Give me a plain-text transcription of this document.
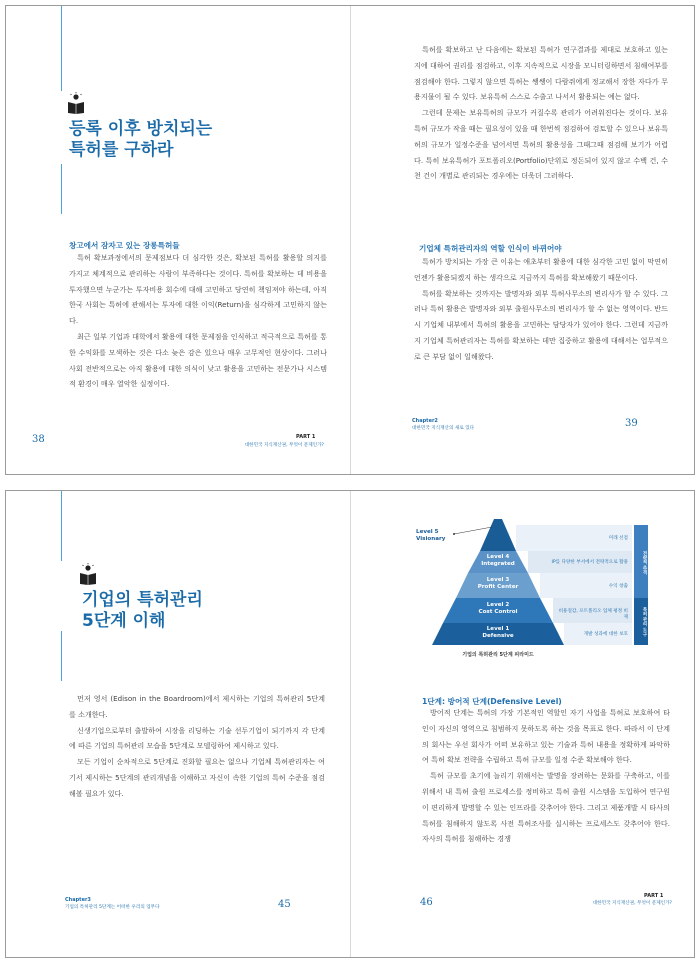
등록 이후 방치되는
특허를 구하라
창고에서 잠자고 있는 장롱특허들
특허 확보과정에서의 문제점보다 더 심각한 것은, 확보된 특허를 활용할 의지를 가지고 체계적으로 관리하는 사람이 부족하다는 것이다. 특허를 확보하는 데 비용을 투자했으면 누군가는 투자비용 회수에 대해 고민하고 당연히 책임져야 하는데, 아직 한국 사회는 특허에 관해서는 투자에 대한 이익(Return)을 심각하게 고민하지 않는다.
최근 일부 기업과 대학에서 활용에 대한 문제점을 인식하고 적극적으로 특허를 통한 수익화를 모색하는 것은 다소 늦은 감은 있으나 매우 고무적인 현상이다. 그러나 사회 전반적으로는 아직 활용에 대한 의식이 낮고 활용을 고민하는 전문가나 시스템적 환경이 매우 열악한 실정이다.
38	PART 1
대한민국 지식재산권, 무엇이 문제인가?
특허를 확보하고 난 다음에는 확보된 특허가 연구결과를 제대로 보호하고 있는지에 대하여 권리를 점검하고, 이후 지속적으로 시장을 모니터링하면서 침해여부를 점검해야 한다. 그렇지 않으면 특허는 쌩쌩이 다람쥐에게 정교해서 장한 자다가 무용지물이 될 수 있다. 보유특허 스스로 수출고 나서서 활용되는 예는 없다.
그런데 문제는 보유특허의 규모가 커질수록 관리가 어려워진다는 것이다. 보유특허 규모가 작을 때는 필요성이 있을 때 한번씩 점검하여 검토할 수 있으나 보유특허의 규모가 일정수준을 넘어서면 특허의 활용성을 그때그때 점검해 보기가 어렵다. 특히 보유특허가 포트폴리오(Portfolio)단위로 정돈되어 있지 않고 수백 건, 수천 건이 개별로 관리되는 경우에는 더욱더 그러하다.
기업체 특허관리자의 역할 인식이 바뀌어야
특허가 방치되는 가장 큰 이유는 애초부터 활용에 대한 심각한 고민 없이 막연히 언젠가 활용되겠지 하는 생각으로 지금까지 특허를 확보해왔기 때문이다.
특허를 확보하는 것까지는 발명자와 외부 특허사무소의 변리사가 할 수 있다. 그러나 특허 활용은 발명자와 외부 출원사무소의 변리사가 할 수 없는 영역이다. 반드시 기업체 내부에서 특허의 활용을 고민하는 담당자가 있어야 한다. 그런데 지금까지 기업체 특허관리자는 특허를 확보하는 데만 집중하고 활용에 대해서는 업무적으로 큰 부담 없이 일해왔다.
Chapter2
대한민국 지식재산의 새로 있다	39
기업의 특허관리
5단계 이해
먼저 영서 (Edison in the Boardroom)에서 제시하는 기업의 특허관리 5단계를 소개한다.
신생기업으로부터 출발하여 시장을 리딩하는 기술 선두기업이 되기까지 각 단계에 따른 기업의 특허관리 모습을 5단계로 모델링하여 제시하고 있다.
모든 기업이 순차적으로 5단계로 진화할 필요는 없으나 기업체 특허관리자는 여기서 제시하는 5단계의 관리개념을 이해하고 자신이 속한 기업의 특허 수준을 점검해볼 필요가 있다.
Chapter3
기업의 특허관리 5단계는 어떠한 우리의 업무다	45
Level 5
Visionary
Level 4
Integrated
Level 3
Profit Center
Level 2
Cost Control
Level 1
Defensive
미래 선점
IP를 다양한 부서에서 전략적으로 활용
수익 창출
비용절감, 포트폴리오 업체 평정 비제
개발 성과에 대한 보호
전략적 추격
특허 관리 도구
기업의 특허관리 5단계 피라미드
1단계: 방어적 단계(Defensive Level)
방어적 단계는 특허의 가장 기본적인 역할인 자기 사업을 특허로 보호하여 타인이 자신의 영역으로 침범하지 못하도록 하는 것을 목표로 한다. 따라서 이 단계의 회사는 우선 회사가 어떠 보유하고 있는 기술과 특허 내용을 정확하게 파악하여 특허 확보 전략을 수립하고 특허 규모를 일정 수준 확보해야 한다.
특허 규모를 초기에 늘리기 위해서는 발명을 장려하는 문화를 구축하고, 이를 위해서 내 특허 출원 프로세스를 정비하고 특허 출원 시스템을 도입하여 연구원이 편리하게 발명할 수 있는 인프라를 갖추어야 한다. 그리고 제품개발 시 타사의 특허를 침해하지 않도록 사전 특허조사를 실시하는 프로세스도 갖추어야 한다. 자사의 특허를 침해하는 경쟁
46
PART 1
대한민국 지식재산권, 무엇이 문제인가?
